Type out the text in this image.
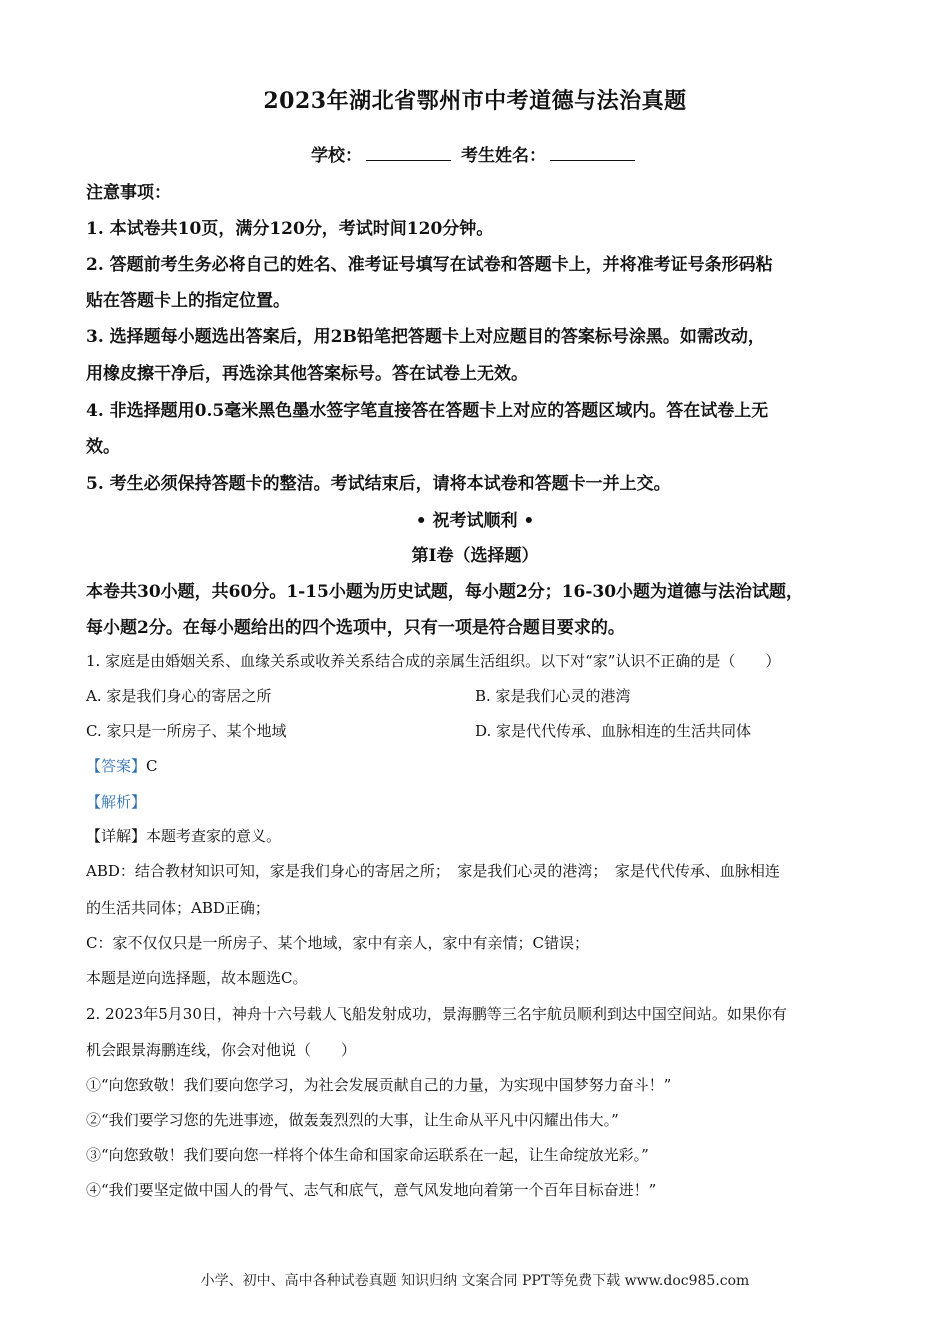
2023年湖北省鄂州市中考道德与法治真题
学校：	考生姓名：
注意事项：
1. 本试卷共10页，满分120分，考试时间120分钟。
2. 答题前考生务必将自己的姓名、准考证号填写在试卷和答题卡上，并将准考证号条形码粘
贴在答题卡上的指定位置。
3. 选择题每小题选出答案后，用2B铅笔把答题卡上对应题目的答案标号涂黑。如需改动，
用橡皮擦干净后，再选涂其他答案标号。答在试卷上无效。
4. 非选择题用0.5毫米黑色墨水签字笔直接答在答题卡上对应的答题区域内。答在试卷上无
效。
5. 考生必须保持答题卡的整洁。考试结束后，请将本试卷和答题卡一并上交。
• 祝考试顺利 •
第Ⅰ卷（选择题）
本卷共30小题，共60分。1-15小题为历史试题，每小题2分；16-30小题为道德与法治试题，
每小题2分。在每小题给出的四个选项中，只有一项是符合题目要求的。
1. 家庭是由婚姻关系、血缘关系或收养关系结合成的亲属生活组织。以下对“家”认识不正确的是（　　）
A. 家是我们身心的寄居之所	B. 家是我们心灵的港湾
C. 家只是一所房子、某个地域	D. 家是代代传承、血脉相连的生活共同体
【答案】C
【解析】
【详解】本题考查家的意义。
ABD：结合教材知识可知，家是我们身心的寄居之所；　家是我们心灵的港湾；　家是代代传承、血脉相连
的生活共同体；ABD正确；
C：家不仅仅只是一所房子、某个地域，家中有亲人，家中有亲情；C错误；
本题是逆向选择题，故本题选C。
2. 2023年5月30日，神舟十六号载人飞船发射成功，景海鹏等三名宇航员顺利到达中国空间站。如果你有
机会跟景海鹏连线，你会对他说（　　）
①“向您致敬！我们要向您学习，为社会发展贡献自己的力量，为实现中国梦努力奋斗！”
②“我们要学习您的先进事迹，做轰轰烈烈的大事，让生命从平凡中闪耀出伟大。”
③“向您致敬！我们要向您一样将个体生命和国家命运联系在一起，让生命绽放光彩。”
④“我们要坚定做中国人的骨气、志气和底气，意气风发地向着第一个百年目标奋进！”
小学、初中、高中各种试卷真题 知识归纳 文案合同 PPT等免费下载 www.doc985.com
